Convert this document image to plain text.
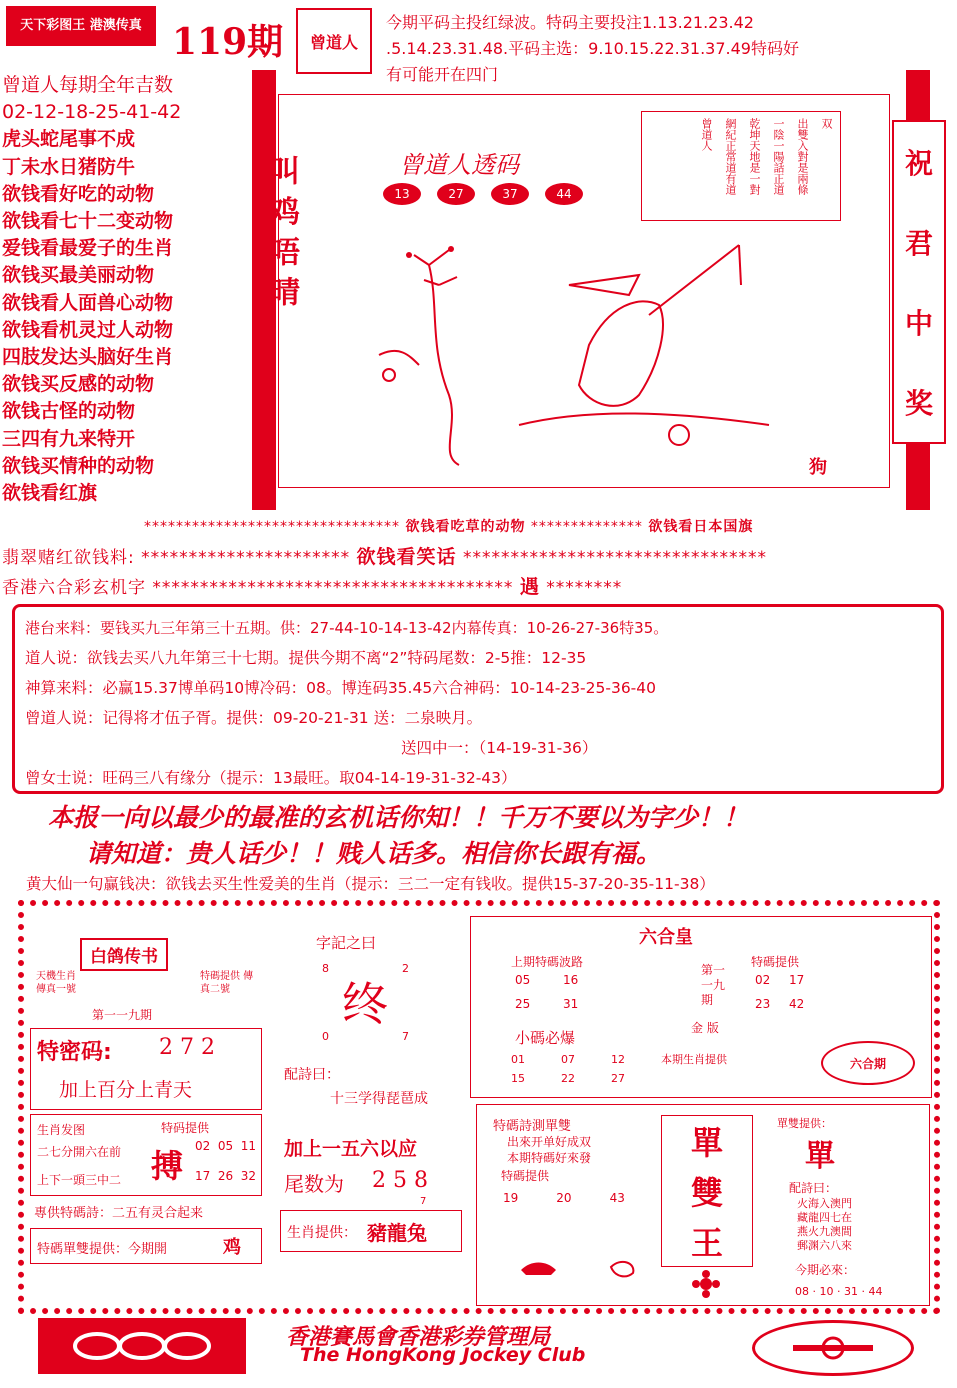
天下彩图王 港澳传真 119期 曾道人
今期平码主投红绿波。特码主要投注1.13.21.23.42
.5.14.23.31.48.平码主选：9.10.15.22.31.37.49特码好
有可能开在四门
曾道人每期全年吉数
02-12-18-25-41-42
虎头蛇尾事不成
丁未水日猪防牛
欲钱看好吃的动物
欲钱看七十二变动物
爱钱看最爱子的生肖
欲钱买最美丽动物
欲钱看人面兽心动物
欲钱看机灵过人动物
四肢发达头脑好生肖
欲钱买反感的动物
欲钱古怪的动物
三四有九来特开
欲钱买情种的动物
欲钱看红旗
祝
君
中
奖
叫 鸡 唔 晴	曾道人透码
13	27	37	44
双
出雙入對是兩條
一陰一陽話正道
乾坤天地是一對
網紀正常道有道
曾道人
狗
******************************** 欲钱看吃草的动物 ************** 欲钱看日本国旗
翡翠赌红欲钱料: ********************** 欲钱看笑话 ********************************
香港六合彩玄机字 ************************************** 遇 ********
港台来料：要钱买九三年第三十五期。供：27-44-10-14-13-42内幕传真：10-26-27-36特35。
道人说：欲钱去买八九年第三十七期。提供今期不离“2”特码尾数：2-5推：12-35
神算来料：必赢15.37博单码10博冷码：08。博连码35.45六合神码：10-14-23-25-36-40
曾道人说：记得将才伍子胥。提供：09-20-21-31 送：二泉映月。
送四中一：（14-19-31-36）
曾女士说：旺码三八有缘分（提示：13最旺。取04-14-19-31-32-43）
本报一向以最少的最准的玄机话你知！！千万不要以为字少！！
请知道：贵人话少！！贱人话多。相信你长跟有福。
黄大仙一句赢钱决：欲钱去买生性爱美的生肖（提示：三二一定有钱收。提供15-37-20-35-11-38）
天機生肖 傳真一號
白鸽传书
特碼提供 傳真二號
第一一九期
特密码: 2 7 2
加上百分上青天
生肖发图
二七分開六在前
上下一頭三中二
特码提供
搏
02  05  11
17  26  32
專供特碼詩：二五有灵合起来
特碼單雙提供：今期開	鸡
字記之曰
8	2
终
0	7
配詩曰：
十三学得琵琶成
加上一五六以应
尾数为 2 5 8
7
生肖提供： 豬龍兔
六合皇
上期特碼波路
05	16
25	31
第一一九期
金 版
特碼提供
02	17
23	42
小碼必爆
01	07	12
15	22	27
本期生肖提供	六合期
特碼詩測單雙
出來开单好成双
本期特碼好來發
特碼提供
19	20	43
單
雙
王
單雙提供：
單
配詩曰：
火海入澳門
藏龍四七在
燕火九澳間
郵渊六八來
今期必來：
08 · 10 · 31 · 44
香港賽馬會香港彩券管理局
The HongKong Jockey Club
